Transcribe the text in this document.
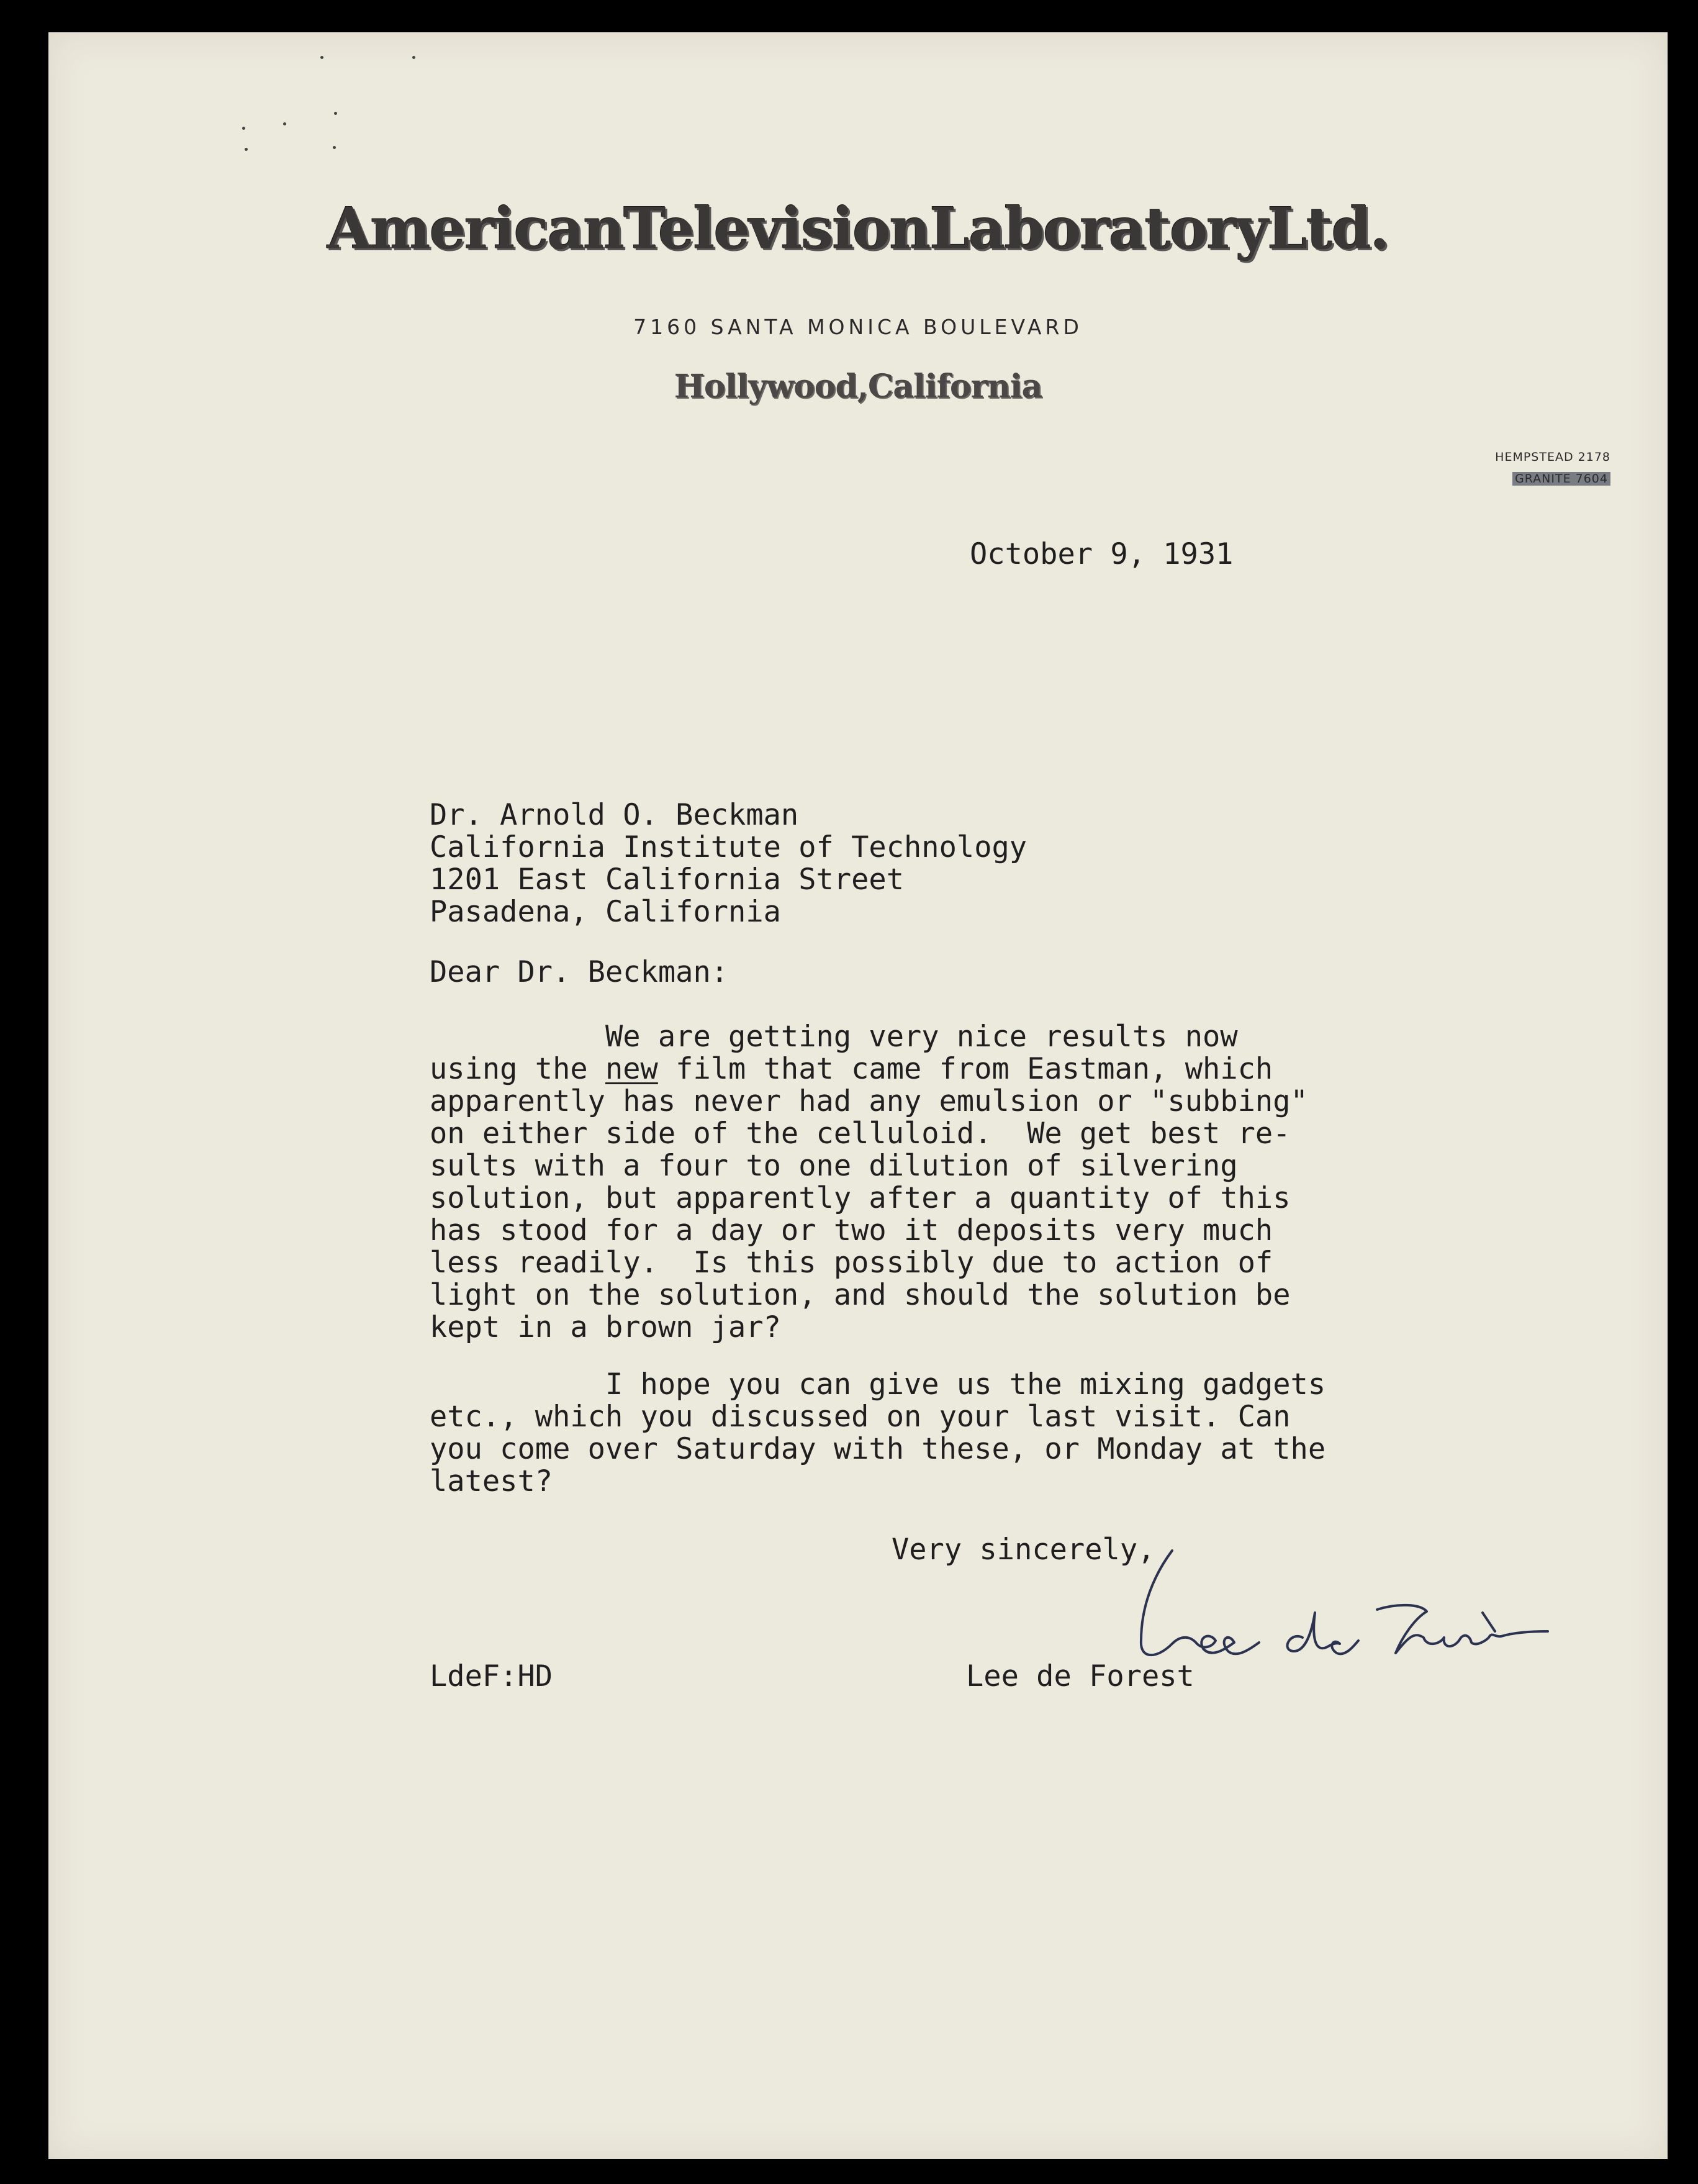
AmericanTelevisionLaboratoryLtd.
7160 SANTA MONICA BOULEVARD
Hollywood,California
HEMPSTEAD 2178
GRANITE 7604
October 9, 1931
Dr. Arnold O. Beckman
California Institute of Technology
1201 East California Street
Pasadena, California
Dear Dr. Beckman:
We are getting very nice results now
using the new film that came from Eastman, which
apparently has never had any emulsion or "subbing"
on either side of the celluloid.  We get best re-
sults with a four to one dilution of silvering
solution, but apparently after a quantity of this
has stood for a day or two it deposits very much
less readily.  Is this possibly due to action of
light on the solution, and should the solution be
kept in a brown jar?
I hope you can give us the mixing gadgets
etc., which you discussed on your last visit. Can
you come over Saturday with these, or Monday at the
latest?
Very sincerely,
LdeF:HD	Lee de Forest
